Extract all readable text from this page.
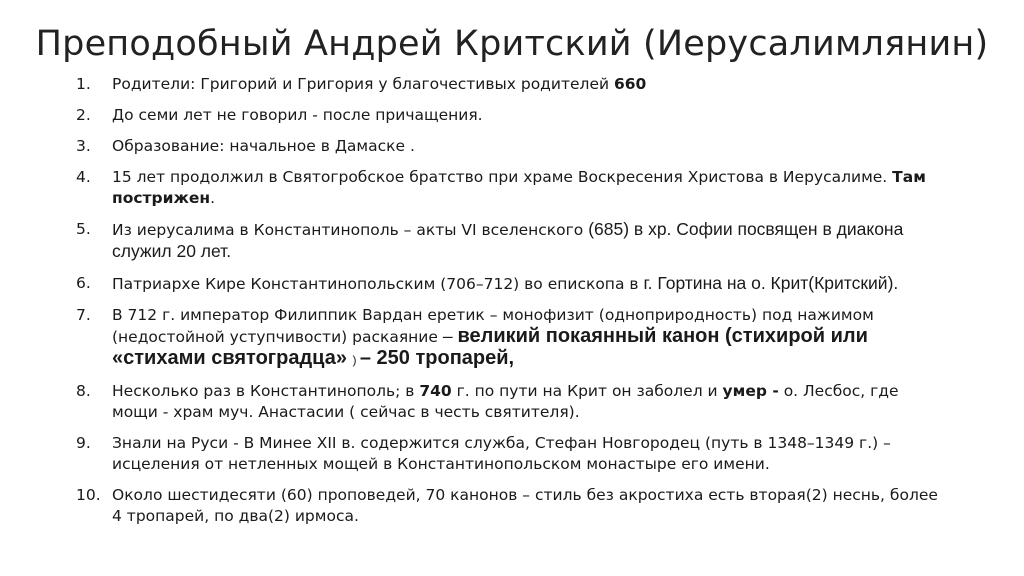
Преподобный Андрей Критский (Иерусалимлянин)
1. Родители: Григорий и Григория у благочестивых родителей 660
2. До семи лет не говорил - после причащения.
3. Образование: начальное в Дамаске .
4. 15 лет продолжил в Святогробское братство при храме Воскресения Христова в Иерусалиме. Там пострижен.
5. Из иерусалима в Константинополь – акты VI вселенского (685) в хр. Софии посвящен в диакона служил 20 лет.
6. Патриархе Кире Константинопольским (706–712) во епископа в г. Гортина на о. Крит(Критский).
7. В 712 г. император Филиппик Вардан еретик – монофизит (однoприродность) под нажимом (недостойной уступчивости) раскаяние – великий покаянный канон (стихирой или «стихами святоградца» ) – 250 тропарей,
8. Несколько раз в Константинополь; в 740 г. по пути на Крит он заболел и умер - о. Лесбос, где мощи - храм муч. Анастасии ( сейчас в честь святителя).
9. Знали на Руси - В Минее XII в. содержится служба, Стефан Новгородец (путь в 1348–1349 г.) – исцеления от нетленных мощей в Константинопольском монастыре его имени.
10. Около шестидесяти (60) проповедей, 70 канонов – стиль без акростиха есть вторая(2) неснь, более 4 тропарей, по два(2) ирмоса.
